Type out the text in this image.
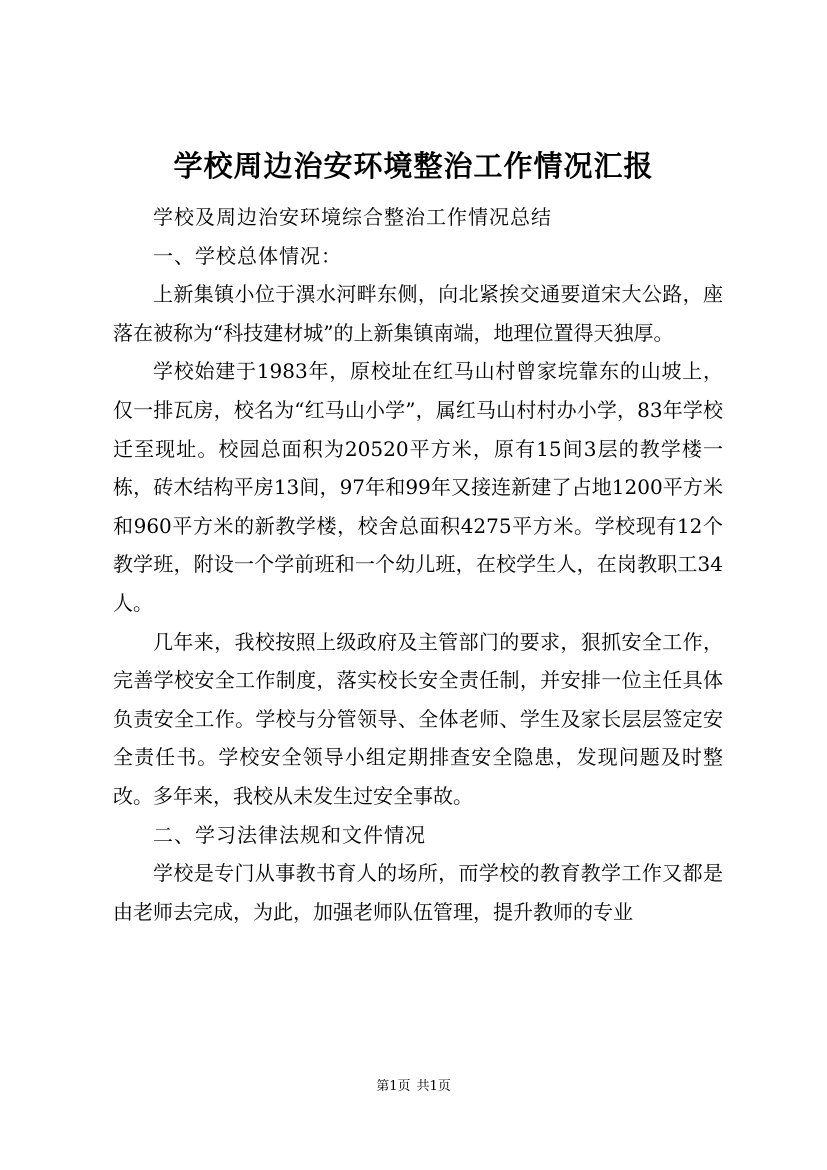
学校周边治安环境整治工作情况汇报

学校及周边治安环境综合整治工作情况总结

一、学校总体情况：

上新集镇小位于潩水河畔东侧，向北紧挨交通要道宋大公路，座落在被称为“科技建材城”的上新集镇南端，地理位置得天独厚。

学校始建于1983年，原校址在红马山村曾家垸靠东的山坡上，仅一排瓦房，校名为“红马山小学”，属红马山村村办小学，83年学校迁至现址。校园总面积为20520平方米，原有15间3层的教学楼一栋，砖木结构平房13间，97年和99年又接连新建了占地1200平方米和960平方米的新教学楼，校舍总面积4275平方米。学校现有12个教学班，附设一个学前班和一个幼儿班，在校学生人，在岗教职工34人。

几年来，我校按照上级政府及主管部门的要求，狠抓安全工作，完善学校安全工作制度，落实校长安全责任制，并安排一位主任具体负责安全工作。学校与分管领导、全体老师、学生及家长层层签定安全责任书。学校安全领导小组定期排查安全隐患，发现问题及时整改。多年来，我校从未发生过安全事故。

二、学习法律法规和文件情况

学校是专门从事教书育人的场所，而学校的教育教学工作又都是由老师去完成，为此，加强老师队伍管理，提升教师的专业

第1页 共1页
